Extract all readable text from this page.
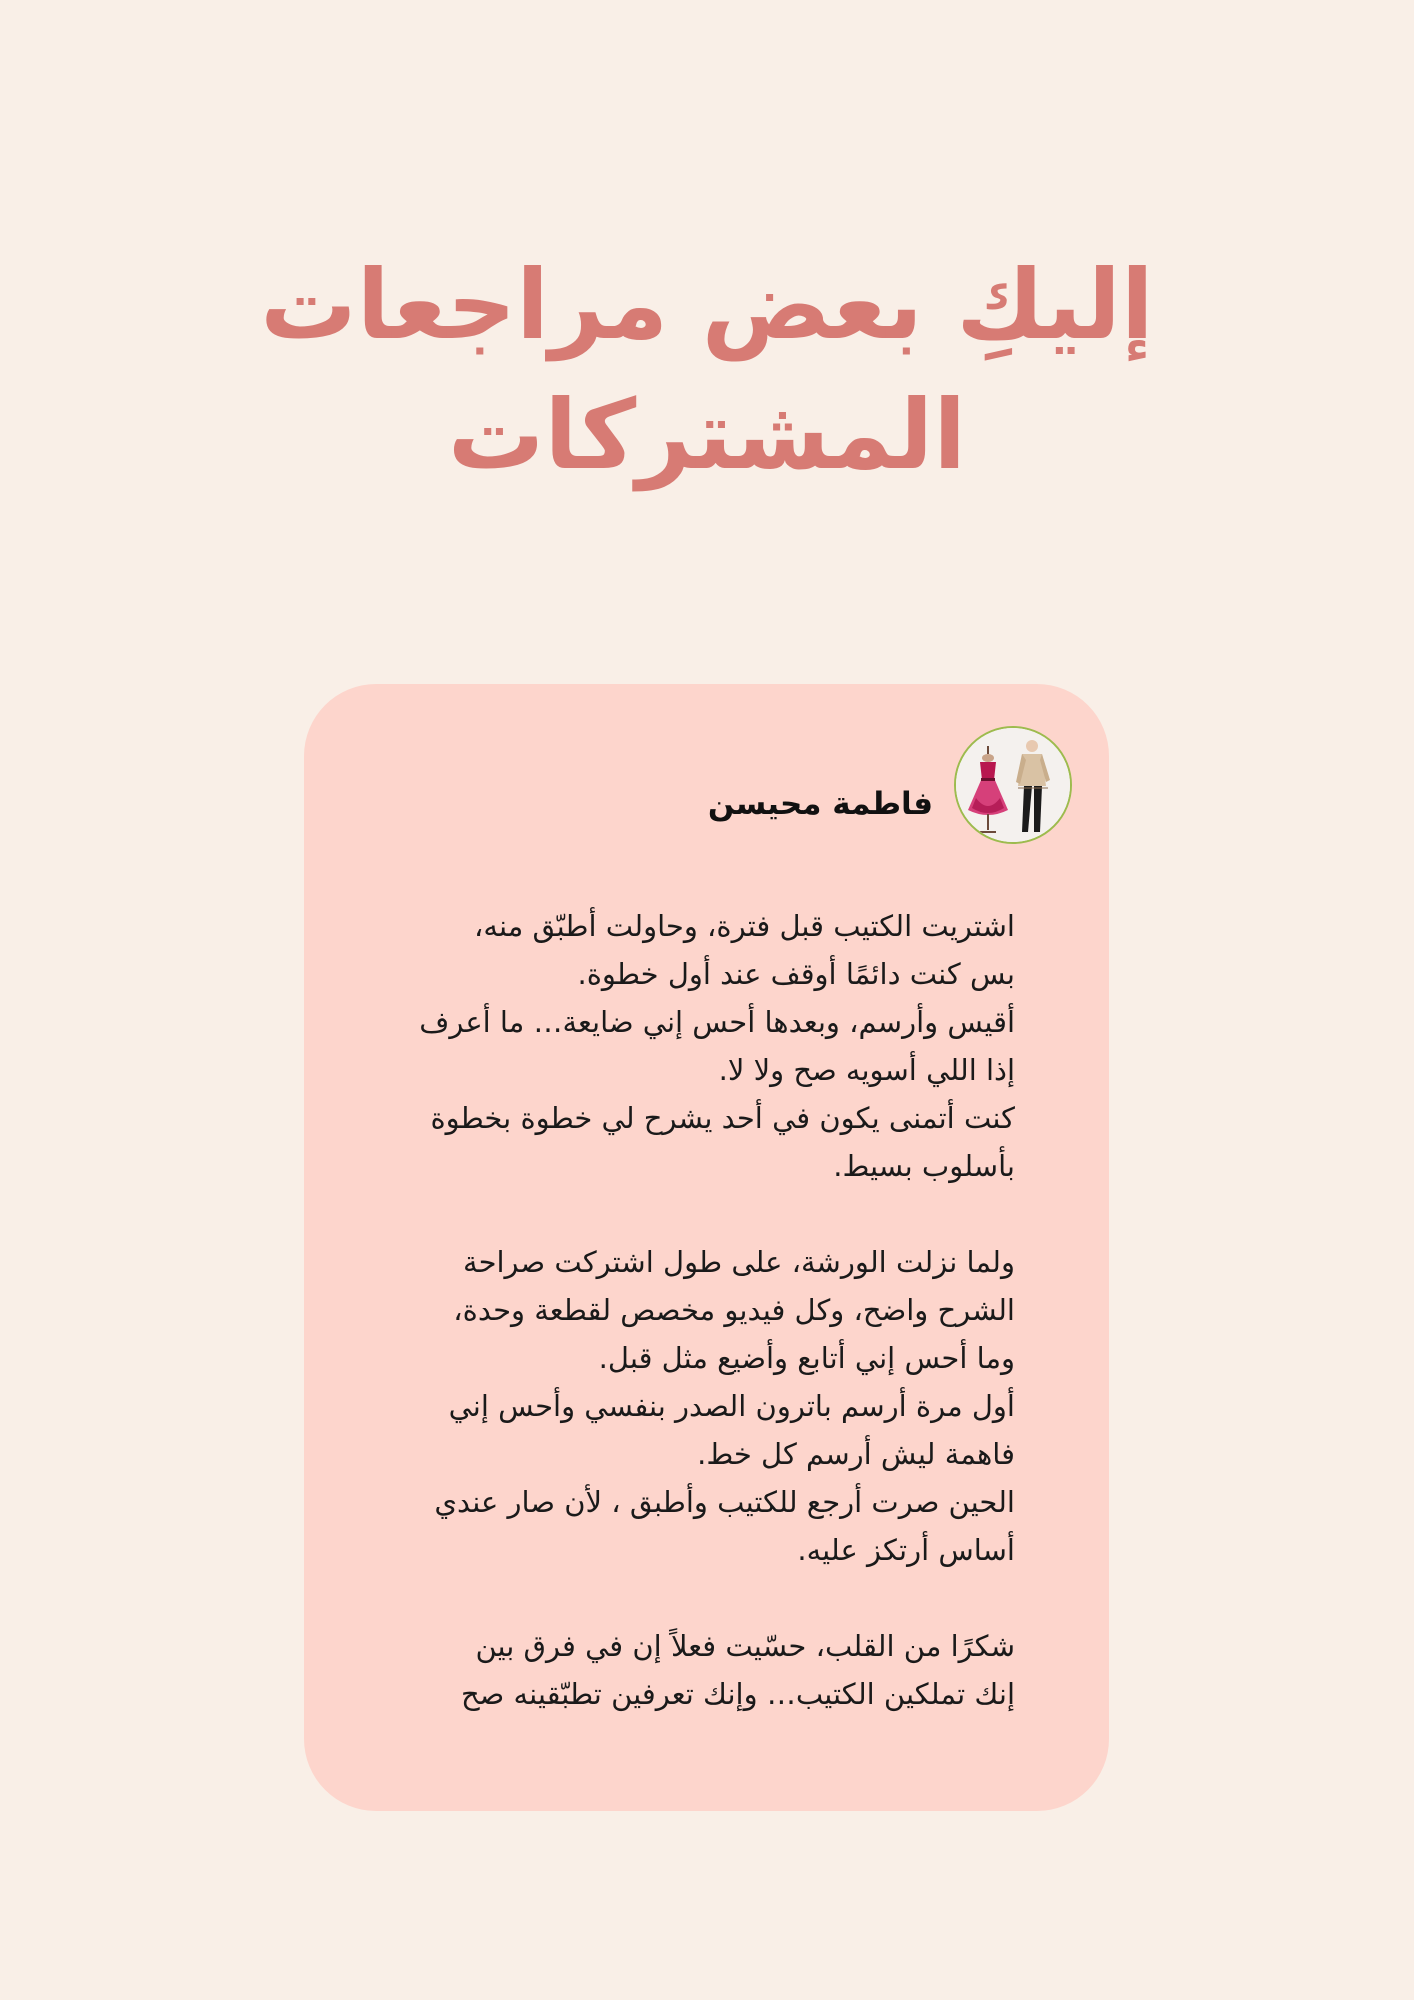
إليكِ بعض مراجعات
المشتركات

فاطمة محيسن

اشتريت الكتيب قبل فترة، وحاولت أطبّق منه،
بس كنت دائمًا أوقف عند أول خطوة.
أقيس وأرسم، وبعدها أحس إني ضايعة… ما أعرف
إذا اللي أسويه صح ولا لا.
كنت أتمنى يكون في أحد يشرح لي خطوة بخطوة
بأسلوب بسيط.

ولما نزلت الورشة، على طول اشتركت صراحة
الشرح واضح، وكل فيديو مخصص لقطعة وحدة،
وما أحس إني أتابع وأضيع مثل قبل.
أول مرة أرسم باترون الصدر بنفسي وأحس إني
فاهمة ليش أرسم كل خط.
الحين صرت أرجع للكتيب وأطبق ، لأن صار عندي
أساس أرتكز عليه.

شكرًا من القلب، حسّيت فعلاً إن في فرق بين
إنك تملكين الكتيب… وإنك تعرفين تطبّقينه صح
